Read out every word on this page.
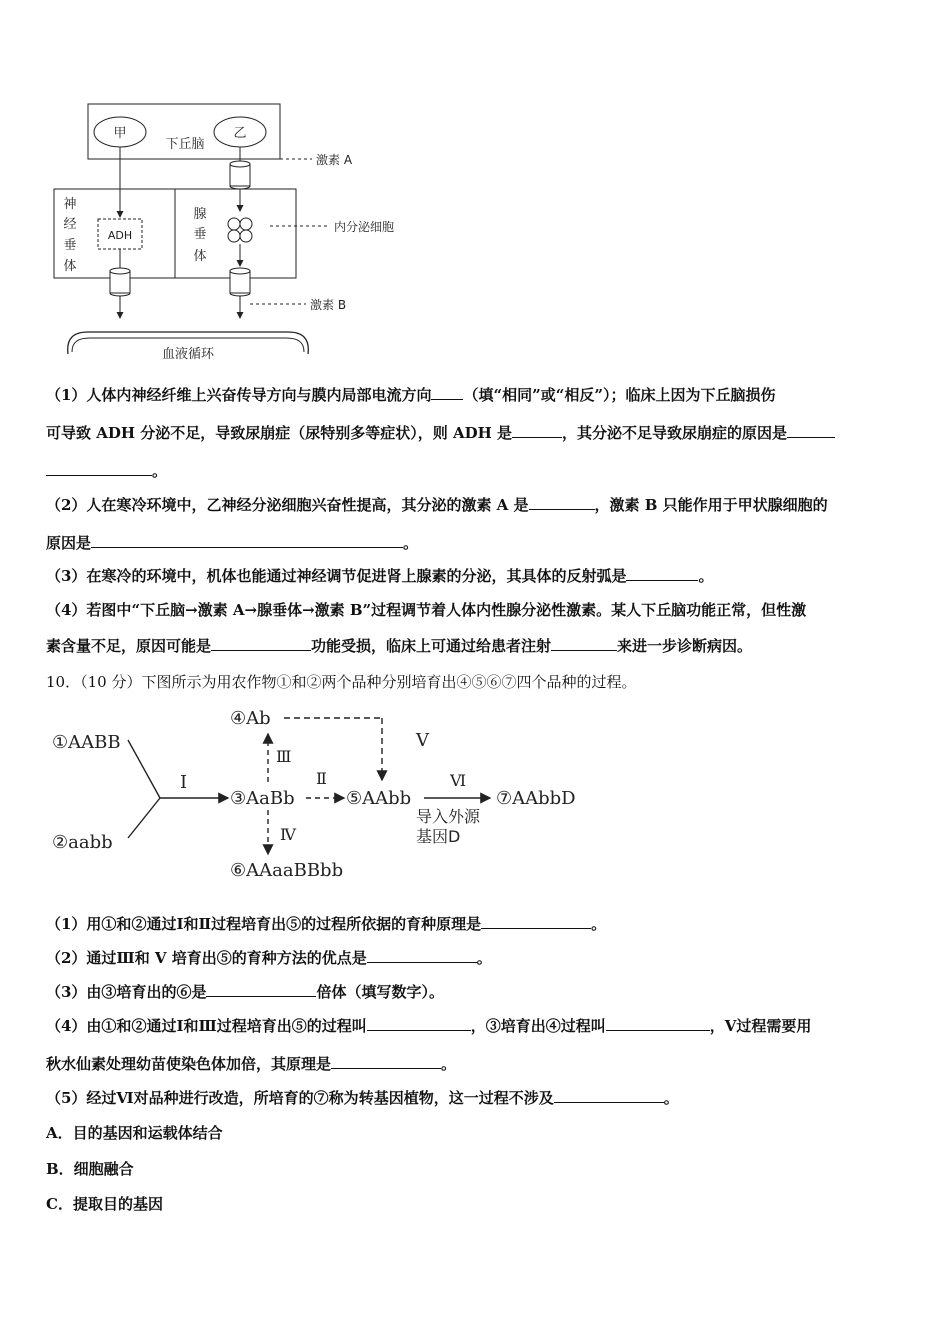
甲	乙
下丘脑
神
经
垂
体
腺
垂
体
ADH
激素 A
内分泌细胞
激素 B
血液循环
（1）人体内神经纤维上兴奋传导方向与膜内局部电流方向 （填“相同”或“相反”）；临床上因为下丘脑损伤
可导致 ADH 分泌不足，导致尿崩症（尿特别多等症状），则 ADH 是	，其分泌不足导致尿崩症的原因是
。
（2）人在寒冷环境中，乙神经分泌细胞兴奋性提高，其分泌的激素 A 是	，激素 B 只能作用于甲状腺细胞的
原因是	。
（3）在寒冷的环境中，机体也能通过神经调节促进肾上腺素的分泌，其具体的反射弧是	。
（4）若图中“下丘脑→激素 A→腺垂体→激素 B”过程调节着人体内性腺分泌性激素。某人下丘脑功能正常，但性激
素含量不足，原因可能是	功能受损，临床上可通过给患者注射	来进一步诊断病因。
10．（10 分）下图所示为用农作物①和②两个品种分别培育出④⑤⑥⑦四个品种的过程。
①AABB
②aabb
Ⅰ
③AaBb
④Ab
⑥AAaaBBbb
Ⅲ
Ⅳ
Ⅱ
⑤AAbb
Ⅴ
Ⅵ
⑦AAbbD
导入外源
基因D
（1）用①和②通过Ⅰ和Ⅱ过程培育出⑤的过程所依据的育种原理是	。
（2）通过Ⅲ和 V 培育出⑤的育种方法的优点是	。
（3）由③培育出的⑥是	倍体（填写数字）。
（4）由①和②通过Ⅰ和Ⅲ过程培育出⑤的过程叫	，③培育出④过程叫	，Ⅴ过程需要用
秋水仙素处理幼苗使染色体加倍，其原理是	。
（5）经过Ⅵ对品种进行改造，所培育的⑦称为转基因植物，这一过程不涉及	。
A．目的基因和运载体结合
B．细胞融合
C．提取目的基因
